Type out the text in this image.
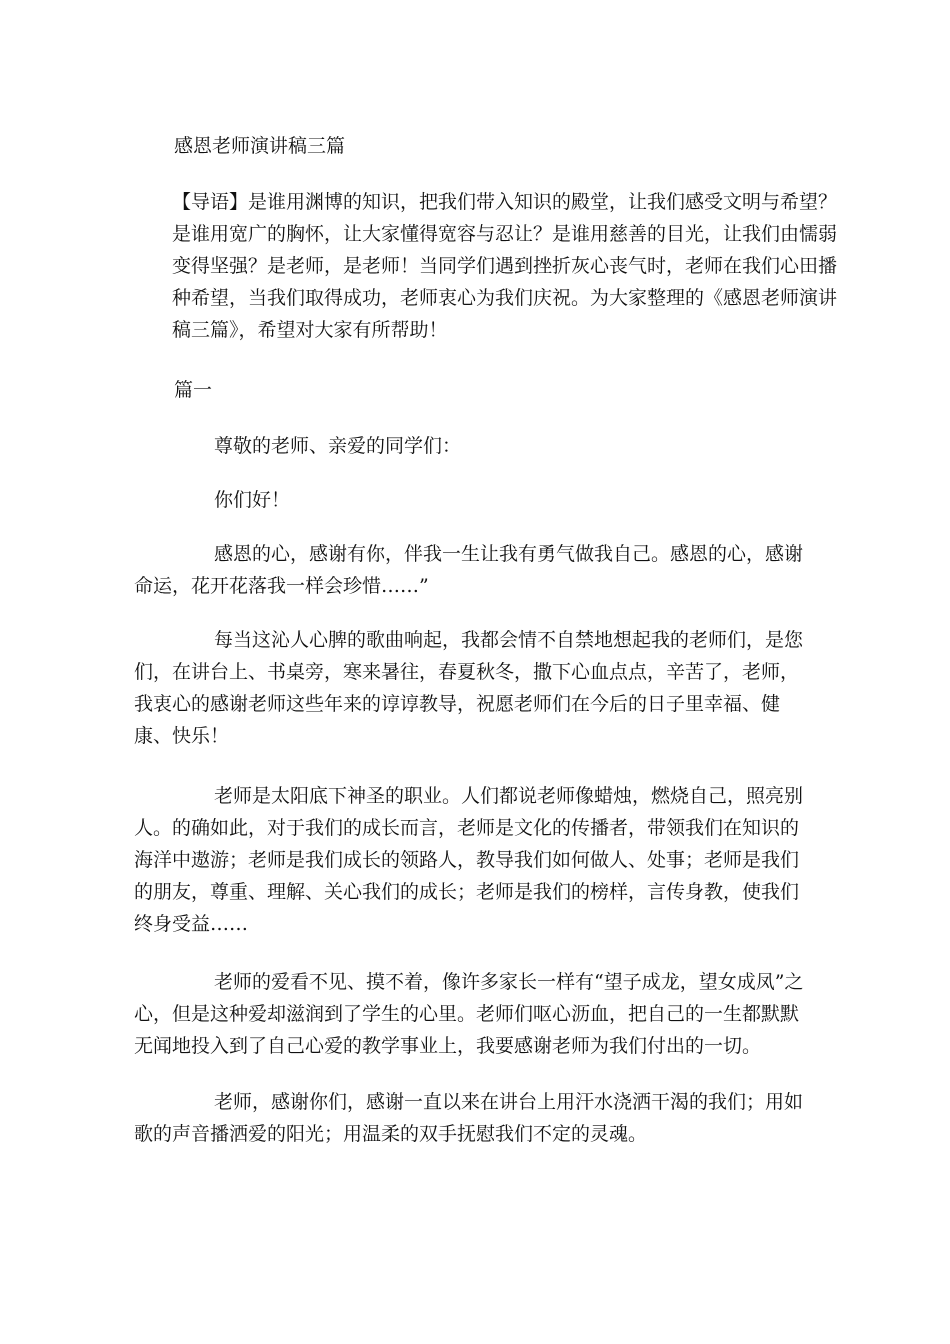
感恩老师演讲稿三篇

【导语】是谁用渊博的知识，把我们带入知识的殿堂，让我们感受文明与希望？是谁用宽广的胸怀，让大家懂得宽容与忍让？是谁用慈善的目光，让我们由懦弱变得坚强？是老师，是老师！当同学们遇到挫折灰心丧气时，老师在我们心田播种希望，当我们取得成功，老师衷心为我们庆祝。为大家整理的《感恩老师演讲稿三篇》，希望对大家有所帮助！

篇一

尊敬的老师、亲爱的同学们：

你们好！

感恩的心，感谢有你，伴我一生让我有勇气做我自己。感恩的心，感谢命运，花开花落我一样会珍惜……”

每当这沁人心脾的歌曲响起，我都会情不自禁地想起我的老师们，是您们，在讲台上、书桌旁，寒来暑往，春夏秋冬，撒下心血点点，辛苦了，老师，我衷心的感谢老师这些年来的谆谆教导，祝愿老师们在今后的日子里幸福、健康、快乐！

老师是太阳底下神圣的职业。人们都说老师像蜡烛，燃烧自己，照亮别人。的确如此，对于我们的成长而言，老师是文化的传播者，带领我们在知识的海洋中遨游；老师是我们成长的领路人，教导我们如何做人、处事；老师是我们的朋友，尊重、理解、关心我们的成长；老师是我们的榜样，言传身教，使我们终身受益……

老师的爱看不见、摸不着，像许多家长一样有“望子成龙，望女成凤”之心，但是这种爱却滋润到了学生的心里。老师们呕心沥血，把自己的一生都默默无闻地投入到了自己心爱的教学事业上，我要感谢老师为我们付出的一切。

老师，感谢你们，感谢一直以来在讲台上用汗水浇洒干渴的我们；用如歌的声音播洒爱的阳光；用温柔的双手抚慰我们不定的灵魂。
